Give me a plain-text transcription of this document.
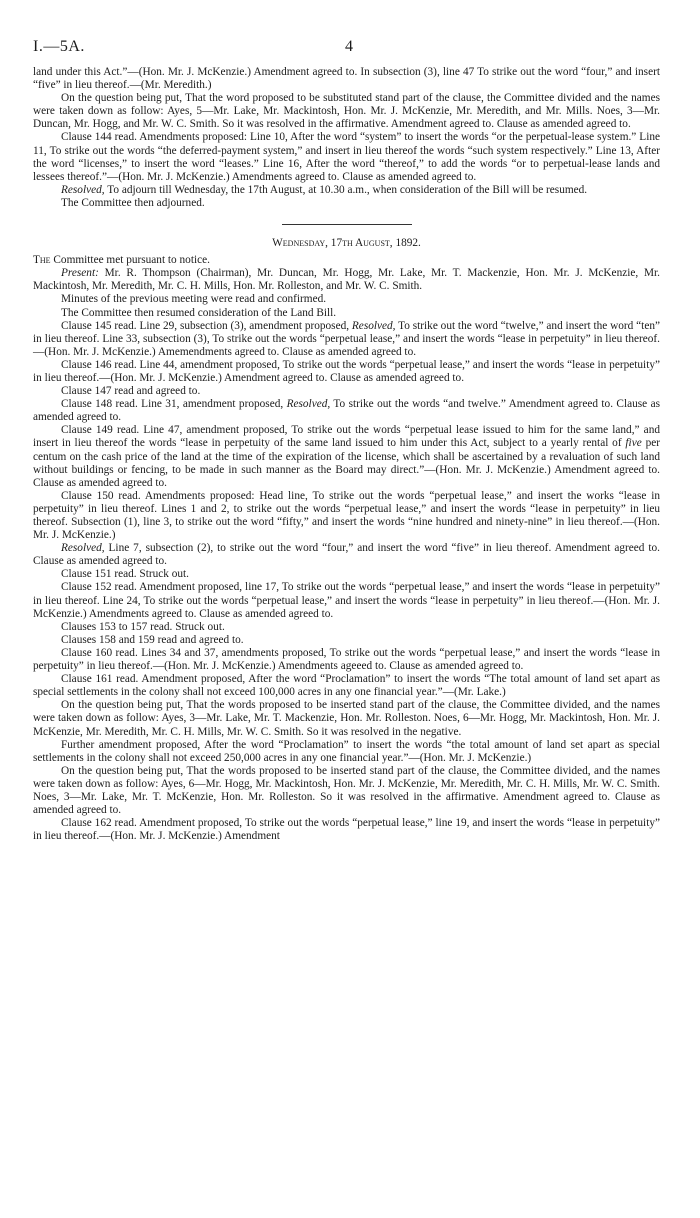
I.—5A.	4

land under this Act.”—(Hon. Mr. J. McKenzie.) Amendment agreed to. In subsection (3), line 47 To strike out the word “four,” and insert “five” in lieu thereof.—(Mr. Meredith.)

On the question being put, That the word proposed to be substituted stand part of the clause, the Committee divided and the names were taken down as follow: Ayes, 5—Mr. Lake, Mr. Mackintosh, Hon. Mr. J. McKenzie, Mr. Meredith, and Mr. Mills. Noes, 3—Mr. Duncan, Mr. Hogg, and Mr. W. C. Smith. So it was resolved in the affirmative. Amendment agreed to. Clause as amended agreed to.

Clause 144 read. Amendments proposed: Line 10, After the word “system” to insert the words “or the perpetual-lease system.” Line 11, To strike out the words “the deferred-payment system,” and insert in lieu thereof the words “such system respectively.” Line 13, After the word “licenses,” to insert the word “leases.” Line 16, After the word “thereof,” to add the words “or to perpetual-lease lands and lessees thereof.”—(Hon. Mr. J. McKenzie.) Amendments agreed to. Clause as amended agreed to.

Resolved, To adjourn till Wednesday, the 17th August, at 10.30 a.m., when consideration of the Bill will be resumed.

The Committee then adjourned.

Wednesday, 17th August, 1892.

The Committee met pursuant to notice.

Present: Mr. R. Thompson (Chairman), Mr. Duncan, Mr. Hogg, Mr. Lake, Mr. T. Mackenzie, Hon. Mr. J. McKenzie, Mr. Mackintosh, Mr. Meredith, Mr. C. H. Mills, Hon. Mr. Rolleston, and Mr. W. C. Smith.

Minutes of the previous meeting were read and confirmed.

The Committee then resumed consideration of the Land Bill.

Clause 145 read. Line 29, subsection (3), amendment proposed, Resolved, To strike out the word “twelve,” and insert the word “ten” in lieu thereof. Line 33, subsection (3), To strike out the words “perpetual lease,” and insert the words “lease in perpetuity” in lieu thereof.—(Hon. Mr. J. McKenzie.) Amemendments agreed to. Clause as amended agreed to.

Clause 146 read. Line 44, amendment proposed, To strike out the words “perpetual lease,” and insert the words “lease in perpetuity” in lieu thereof.—(Hon. Mr. J. McKenzie.) Amendment agreed to. Clause as amended agreed to.

Clause 147 read and agreed to.

Clause 148 read. Line 31, amendment proposed, Resolved, To strike out the words “and twelve.” Amendment agreed to. Clause as amended agreed to.

Clause 149 read. Line 47, amendment proposed, To strike out the words “perpetual lease issued to him for the same land,” and insert in lieu thereof the words “lease in perpetuity of the same land issued to him under this Act, subject to a yearly rental of five per centum on the cash price of the land at the time of the expiration of the license, which shall be ascertained by a revaluation of such land without buildings or fencing, to be made in such manner as the Board may direct.”—(Hon. Mr. J. McKenzie.) Amendment agreed to. Clause as amended agreed to.

Clause 150 read. Amendments proposed: Head line, To strike out the words “perpetual lease,” and insert the works “lease in perpetuity” in lieu thereof. Lines 1 and 2, to strike out the words “perpetual lease,” and insert the words “lease in perpetuity” in lieu thereof. Subsection (1), line 3, to strike out the word “fifty,” and insert the words “nine hundred and ninety-nine” in lieu thereof.—(Hon. Mr. J. McKenzie.)

Resolved, Line 7, subsection (2), to strike out the word “four,” and insert the word “five” in lieu thereof. Amendment agreed to. Clause as amended agreed to.

Clause 151 read. Struck out.

Clause 152 read. Amendment proposed, line 17, To strike out the words “perpetual lease,” and insert the words “lease in perpetuity” in lieu thereof. Line 24, To strike out the words “perpetual lease,” and insert the words “lease in perpetuity” in lieu thereof.—(Hon. Mr. J. McKenzie.) Amendments agreed to. Clause as amended agreed to.

Clauses 153 to 157 read. Struck out.

Clauses 158 and 159 read and agreed to.

Clause 160 read. Lines 34 and 37, amendments proposed, To strike out the words “perpetual lease,” and insert the words “lease in perpetuity” in lieu thereof.—(Hon. Mr. J. McKenzie.) Amendments ageeed to. Clause as amended agreed to.

Clause 161 read. Amendment proposed, After the word “Proclamation” to insert the words “The total amount of land set apart as special settlements in the colony shall not exceed 100,000 acres in any one financial year.”—(Mr. Lake.)

On the question being put, That the words proposed to be inserted stand part of the clause, the Committee divided, and the names were taken down as follow: Ayes, 3—Mr. Lake, Mr. T. Mackenzie, Hon. Mr. Rolleston. Noes, 6—Mr. Hogg, Mr. Mackintosh, Hon. Mr. J. McKenzie, Mr. Meredith, Mr. C. H. Mills, Mr. W. C. Smith. So it was resolved in the negative.

Further amendment proposed, After the word “Proclamation” to insert the words “the total amount of land set apart as special settlements in the colony shall not exceed 250,000 acres in any one financial year.”—(Hon. Mr. J. McKenzie.)

On the question being put, That the words proposed to be inserted stand part of the clause, the Committee divided, and the names were taken down as follow: Ayes, 6—Mr. Hogg, Mr. Mackintosh, Hon. Mr. J. McKenzie, Mr. Meredith, Mr. C. H. Mills, Mr. W. C. Smith. Noes, 3—Mr. Lake, Mr. T. McKenzie, Hon. Mr. Rolleston. So it was resolved in the affirmative. Amendment agreed to. Clause as amended agreed to.

Clause 162 read. Amendment proposed, To strike out the words “perpetual lease,” line 19, and insert the words “lease in perpetuity” in lieu thereof.—(Hon. Mr. J. McKenzie.) Amendment
